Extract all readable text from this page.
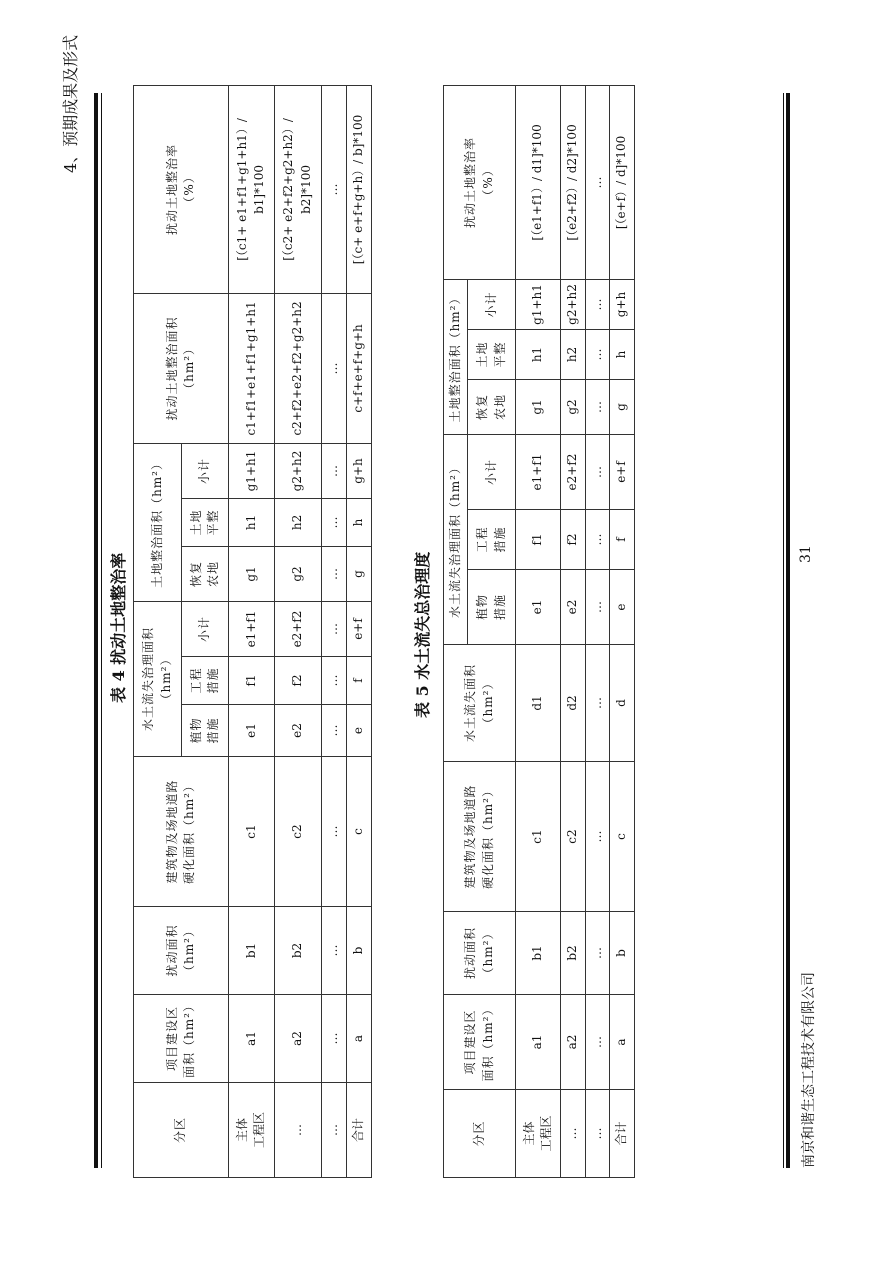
4、预期成果及形式
表 4 扰动土地整治率
分区	项目建设区 面积（hm²）	扰动面积 （hm²）	建筑物及场地道路 硬化面积（hm²）	水土流失治理面积 （hm²）			土地整治面积（hm²）			扰动土地整治面积 （hm²）	扰动土地整治率 （%）
				植物 措施	工程 措施	小计	恢复 农地	土地 平整	小计		
主体 工程区	a1	b1	c1	e1	f1	e1+f1	g1	h1	g1+h1	c1+f1+e1+f1+g1+h1	[（c1+ e1+f1+g1+h1）/ b1]*100
…	a2	b2	c2	e2	f2	e2+f2	g2	h2	g2+h2	c2+f2+e2+f2+g2+h2	[（c2+ e2+f2+g2+h2）/ b2]*100
…	…	…	…	…	…	…	…	…	…	…	…
合计	a	b	c	e	f	e+f	g	h	g+h	c+f+e+f+g+h	[（c+ e+f+g+h）/ b]*100
表 5 水土流失总治理度
分区	项目建设区 面积（hm²）	扰动面积 （hm²）	建筑物及场地道路 硬化面积（hm²）	水土流失面积 （hm²）	水土流失治理面积（hm²）			土地整治面积（hm²）			扰动土地整治率 （%）
					植物 措施	工程 措施	小计	恢复 农地	土地 平整	小计	
主体 工程区	a1	b1	c1	d1	e1	f1	e1+f1	g1	h1	g1+h1	[（e1+f1）/ d1]*100
…	a2	b2	c2	d2	e2	f2	e2+f2	g2	h2	g2+h2	[（e2+f2）/ d2]*100
…	…	…	…	…	…	…	…	…	…	…	…
合计	a	b	c	d	e	f	e+f	g	h	g+h	[（e+f）/ d]*100
南京和谐生态工程技术有限公司
31
